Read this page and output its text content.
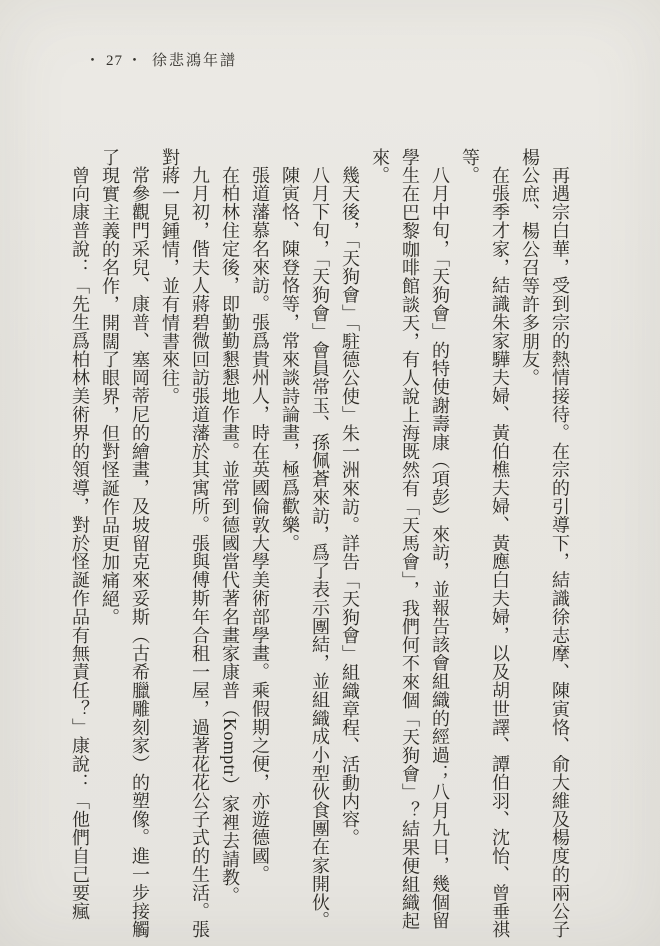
・ 27 ・ 徐悲鴻年譜
再遇宗白華，受到宗的熱情接待。在宗的引導下，結識徐志摩、陳寅恪、俞大維及楊度的兩公子
楊公庶、楊公召等許多朋友。
在張季才家，結識朱家驊夫婦、黃伯樵夫婦、黃應白夫婦，以及胡世譯、譚伯羽、沈怡、曾垂祺
等。
八月中旬，「天狗會」的特使謝壽康（項彭）來訪，並報告該會組織的經過；八月九日，幾個留
學生在巴黎咖啡館談天，有人說上海既然有「天馬會」，我們何不來個「天狗會」？結果便組織起
來。
幾天後，「天狗會」「駐德公使」朱一洲來訪。詳告「天狗會」組織章程、活動内容。
八月下旬，「天狗會」會員常玉、孫佩蒼來訪，爲了表示團結，並組織成小型伙食團在家開伙。
陳寅恪、陳登恪等，常來談詩論畫，極爲歡樂。
張道藩慕名來訪。張爲貴州人，時在英國倫敦大學美術部學畫。乘假期之便，亦遊德國。
在柏林住定後，即勤勤懇懇地作畫。並常到德國當代著名畫家康普（Komptr）家裡去請教。
九月初，偕夫人蔣碧微回訪張道藩於其寓所。張與傅斯年合租一屋，過著花花公子式的生活。張
對蔣一見鍾情，並有情書來往。
常參觀門采兒、康普、塞岡蒂尼的繪畫，及坡留克來妥斯（古希臘雕刻家）的塑像。進一步接觸
了現實主義的名作，開闊了眼界，但對怪誕作品更加痛絕。
曾向康普說：「先生爲柏林美術界的領導，對於怪誕作品有無責任？」康說：「他們自己要瘋
